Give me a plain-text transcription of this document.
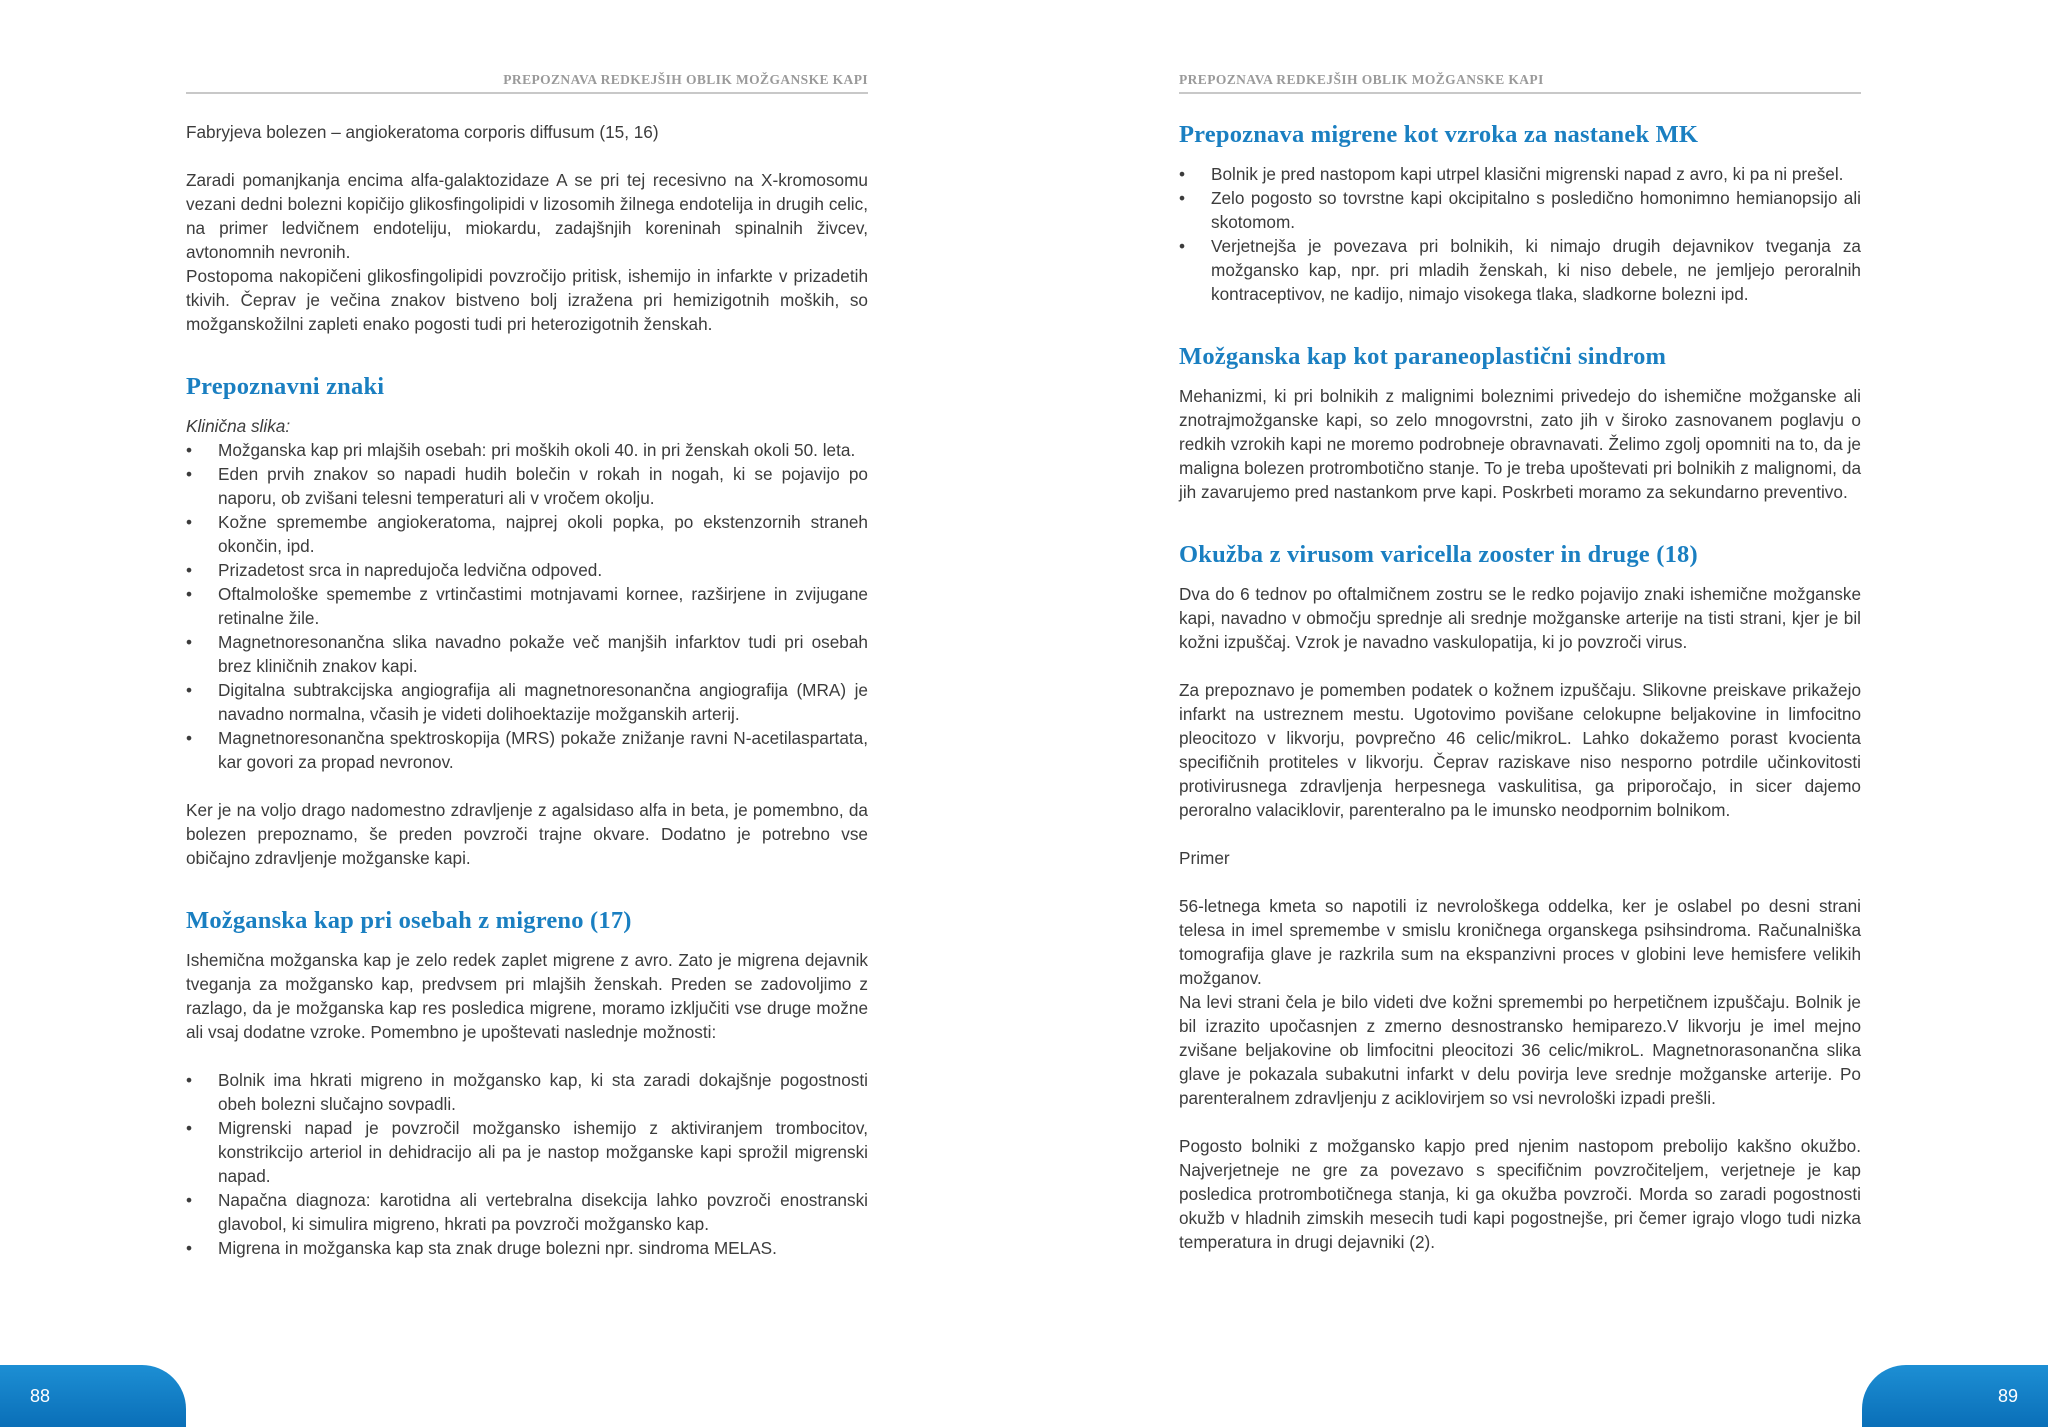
PREPOZNAVA REDKEJŠIH OBLIK MOŽGANSKE KAPI

Fabryjeva bolezen – angiokeratoma corporis diffusum (15, 16)

Zaradi pomanjkanja encima alfa-galaktozidaze A se pri tej recesivno na X-kromosomu vezani dedni bolezni kopičijo glikosfingolipidi v lizosomih žilnega endotelija in drugih celic, na primer ledvičnem endoteliju, miokardu, zadajšnjih koreninah spinalnih živcev, avtonomnih nevronih.

Postopoma nakopičeni glikosfingolipidi povzročijo pritisk, ishemijo in infarkte v prizadetih tkivih. Čeprav je večina znakov bistveno bolj izražena pri hemizigotnih moških, so možganskožilni zapleti enako pogosti tudi pri heterozigotnih ženskah.

Prepoznavni znaki

Klinična slika:

• Možganska kap pri mlajših osebah: pri moških okoli 40. in pri ženskah okoli 50. leta.
• Eden prvih znakov so napadi hudih bolečin v rokah in nogah, ki se pojavijo po naporu, ob zvišani telesni temperaturi ali v vročem okolju.
• Kožne spremembe angiokeratoma, najprej okoli popka, po ekstenzornih straneh okončin, ipd.
• Prizadetost srca in napredujoča ledvična odpoved.
• Oftalmološke spemembe z vrtinčastimi motnjavami kornee, razširjene in zvijugane retinalne žile.
• Magnetnoresonančna slika navadno pokaže več manjših infarktov tudi pri osebah brez kliničnih znakov kapi.
• Digitalna subtrakcijska angiografija ali magnetnoresonančna angiografija (MRA) je navadno normalna, včasih je videti dolihoektazije možganskih arterij.
• Magnetnoresonančna spektroskopija (MRS) pokaže znižanje ravni N-acetilaspartata, kar govori za propad nevronov.

Ker je na voljo drago nadomestno zdravljenje z agalsidaso alfa in beta, je pomembno, da bolezen prepoznamo, še preden povzroči trajne okvare. Dodatno je potrebno vse običajno zdravljenje možganske kapi.

Možganska kap pri osebah z migreno (17)

Ishemična možganska kap je zelo redek zaplet migrene z avro. Zato je migrena dejavnik tveganja za možgansko kap, predvsem pri mlajših ženskah. Preden se zadovoljimo z razlago, da je možganska kap res posledica migrene, moramo izključiti vse druge možne ali vsaj dodatne vzroke. Pomembno je upoštevati naslednje možnosti:

• Bolnik ima hkrati migreno in možgansko kap, ki sta zaradi dokajšnje pogostnosti obeh bolezni slučajno sovpadli.
• Migrenski napad je povzročil možgansko ishemijo z aktiviranjem trombocitov, konstrikcijo arteriol in dehidracijo ali pa je nastop možganske kapi sprožil migrenski napad.
• Napačna diagnoza: karotidna ali vertebralna disekcija lahko povzroči enostranski glavobol, ki simulira migreno, hkrati pa povzroči možgansko kap.
• Migrena in možganska kap sta znak druge bolezni npr. sindroma MELAS.
88
PREPOZNAVA REDKEJŠIH OBLIK MOŽGANSKE KAPI
Prepoznava migrene kot vzroka za nastanek MK
• Bolnik je pred nastopom kapi utrpel klasični migrenski napad z avro, ki pa ni prešel.
• Zelo pogosto so tovrstne kapi okcipitalno s posledično homonimno hemianopsijo ali skotomom.
• Verjetnejša je povezava pri bolnikih, ki nimajo drugih dejavnikov tveganja za možgansko kap, npr. pri mladih ženskah, ki niso debele, ne jemljejo peroralnih kontraceptivov, ne kadijo, nimajo visokega tlaka, sladkorne bolezni ipd.
Možganska kap kot paraneoplastični sindrom

Mehanizmi, ki pri bolnikih z malignimi boleznimi privedejo do ishemične možganske ali znotrajmožganske kapi, so zelo mnogovrstni, zato jih v široko zasnovanem poglavju o redkih vzrokih kapi ne moremo podrobneje obravnavati. Želimo zgolj opomniti na to, da je maligna bolezen protrombotično stanje. To je treba upoštevati pri bolnikih z malignomi, da jih zavarujemo pred nastankom prve kapi. Poskrbeti moramo za sekundarno preventivo.

Okužba z virusom varicella zooster in druge (18)

Dva do 6 tednov po oftalmičnem zostru se le redko pojavijo znaki ishemične možganske kapi, navadno v območju sprednje ali srednje možganske arterije na tisti strani, kjer je bil kožni izpuščaj. Vzrok je navadno vaskulopatija, ki jo povzroči virus.

Za prepoznavo je pomemben podatek o kožnem izpuščaju. Slikovne preiskave prikažejo infarkt na ustreznem mestu. Ugotovimo povišane celokupne beljakovine in limfocitno pleocitozo v likvorju, povprečno 46 celic/mikroL. Lahko dokažemo porast kvocienta specifičnih protiteles v likvorju. Čeprav raziskave niso nesporno potrdile učinkovitosti protivirusnega zdravljenja herpesnega vaskulitisa, ga priporočajo, in sicer dajemo peroralno valaciklovir, parenteralno pa le imunsko neodpornim bolnikom.

Primer

56-letnega kmeta so napotili iz nevrološkega oddelka, ker je oslabel po desni strani telesa in imel spremembe v smislu kroničnega organskega psihsindroma. Računalniška tomografija glave je razkrila sum na ekspanzivni proces v globini leve hemisfere velikih možganov.

Na levi strani čela je bilo videti dve kožni spremembi po herpetičnem izpuščaju. Bolnik je bil izrazito upočasnjen z zmerno desnostransko hemiparezo.V likvorju je imel mejno zvišane beljakovine ob limfocitni pleocitozi 36 celic/mikroL. Magnetnorasonančna slika glave je pokazala subakutni infarkt v delu povirja leve srednje možganske arterije. Po parenteralnem zdravljenju z aciklovirjem so vsi nevrološki izpadi prešli.

Pogosto bolniki z možgansko kapjo pred njenim nastopom prebolijo kakšno okužbo. Najverjetneje ne gre za povezavo s specifičnim povzročiteljem, verjetneje je kap posledica protrombotičnega stanja, ki ga okužba povzroči. Morda so zaradi pogostnosti okužb v hladnih zimskih mesecih tudi kapi pogostnejše, pri čemer igrajo vlogo tudi nizka temperatura in drugi dejavniki (2).

89
